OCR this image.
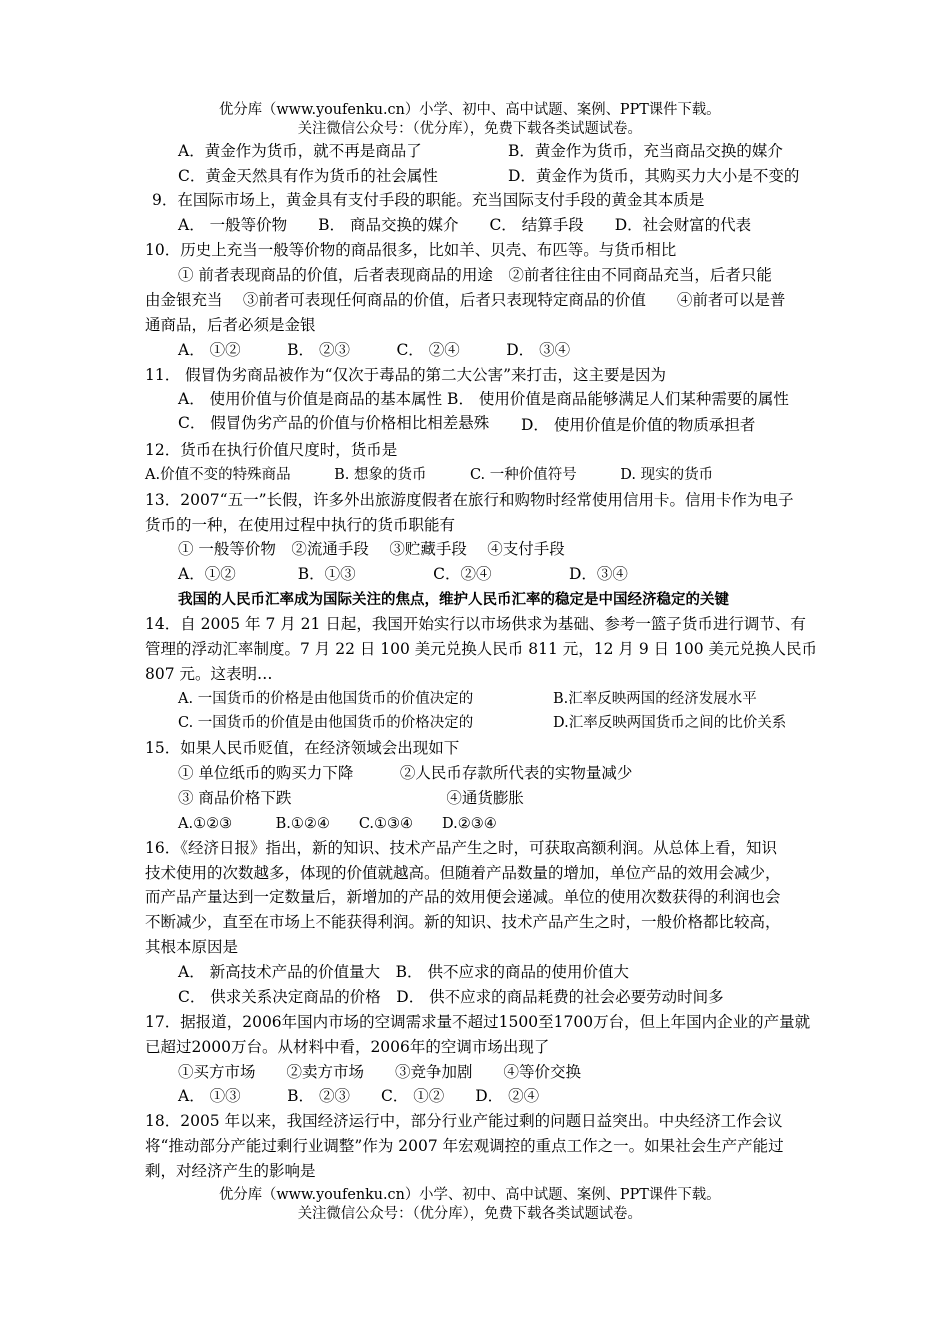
优分库（www.youfenku.cn）小学、初中、高中试题、案例、PPT课件下载。
关注微信公众号：（优分库），免费下载各类试题试卷。
A．黄金作为货币，就不再是商品了	B．黄金作为货币，充当商品交换的媒介
C．黄金天然具有作为货币的社会属性	D．黄金作为货币，其购买力大小是不变的
9．在国际市场上，黄金具有支付手段的职能。充当国际支付手段的黄金其本质是
A． 一般等价物　　B． 商品交换的媒介　　C． 结算手段　　D．社会财富的代表
10．历史上充当一般等价物的商品很多，比如羊、贝壳、布匹等。与货币相比
① 前者表现商品的价值，后者表现商品的用途　②前者往往由不同商品充当，后者只能
由金银充当　 ③前者可表现任何商品的价值，后者只表现特定商品的价值　　④前者可以是普
通商品，后者必须是金银
A． ①②　　　B． ②③　　　C． ②④　　　D． ③④
11． 假冒伪劣商品被作为“仅次于毒品的第二大公害”来打击，这主要是因为
A． 使用价值与价值是商品的基本属性 B． 使用价值是商品能够满足人们某种需要的属性
C． 假冒伪劣产品的价值与价格相比相差悬殊 D． 使用价值是价值的物质承担者
12．货币在执行价值尺度时，货币是
A.价值不变的特殊商品　　　B. 想象的货币　　　C. 一种价值符号　　　D. 现实的货币
13．2007“五一”长假，许多外出旅游度假者在旅行和购物时经常使用信用卡。信用卡作为电子
货币的一种，在使用过程中执行的货币职能有
① 一般等价物　②流通手段　 ③贮藏手段　 ④支付手段
A．①②　　　　B．①③　　　　　C．②④　　　　　D．③④
我国的人民币汇率成为国际关注的焦点，维护人民币汇率的稳定是中国经济稳定的关键
14．自 2005 年 7 月 21 日起，我国开始实行以市场供求为基础、参考一篮子货币进行调节、有
管理的浮动汇率制度。7 月 22 日 100 美元兑换人民币 811 元，12 月 9 日 100 美元兑换人民币
807 元。这表明…
A. 一国货币的价格是由他国货币的价值决定的	B.汇率反映两国的经济发展水平
C. 一国货币的价值是由他国货币的价格决定的	D.汇率反映两国货币之间的比价关系
15．如果人民币贬值，在经济领域会出现如下
① 单位纸币的购买力下降　　　②人民币存款所代表的实物量减少
③ 商品价格下跌　　　　　　　　　　④通货膨胀
A.①②③　　　B.①②④　　C.①③④　　D.②③④
16．《经济日报》指出，新的知识、技术产品产生之时，可获取高额利润。从总体上看，知识
技术使用的次数越多，体现的价值就越高。但随着产品数量的增加，单位产品的效用会减少，
而产品产量达到一定数量后，新增加的产品的效用便会递减。单位的使用次数获得的利润也会
不断减少，直至在市场上不能获得利润。新的知识、技术产品产生之时，一般价格都比较高，
其根本原因是
A． 新高技术产品的价值量大　B． 供不应求的商品的使用价值大
C． 供求关系决定商品的价格　D． 供不应求的商品耗费的社会必要劳动时间多
17．据报道，2006年国内市场的空调需求量不超过1500至1700万台，但上年国内企业的产量就
已超过2000万台。从材料中看，2006年的空调市场出现了
①买方市场　　②卖方市场　　③竞争加剧　　④等价交换
A． ①③　　　B． ②③　　C． ①②　　D． ②④
18．2005 年以来，我国经济运行中，部分行业产能过剩的问题日益突出。中央经济工作会议
将“推动部分产能过剩行业调整”作为 2007 年宏观调控的重点工作之一。如果社会生产产能过
剩，对经济产生的影响是
优分库（www.youfenku.cn）小学、初中、高中试题、案例、PPT课件下载。
关注微信公众号：（优分库），免费下载各类试题试卷。
